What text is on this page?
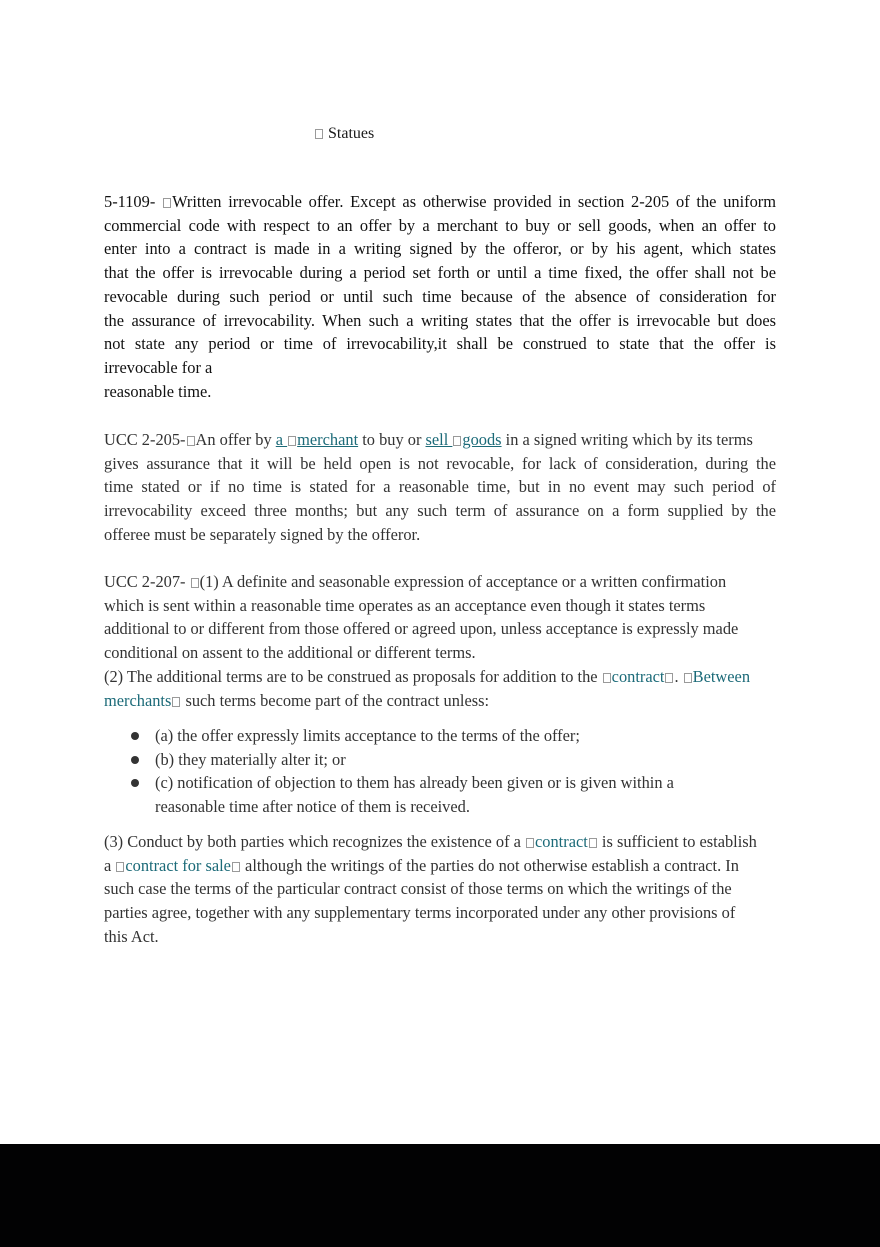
Statues
5-1109- Written irrevocable offer. Except as otherwise provided in section 2-205 of the uniform
commercial code with respect to an offer by a merchant to buy or sell goods, when an offer to
enter into a contract is made in a writing signed by the offeror, or by his agent, which states
that the offer is irrevocable during a period set forth or until a time fixed, the offer shall not be
revocable during such period or until such time because of the absence of consideration for
the assurance of irrevocability. When such a writing states that the offer is irrevocable but does
not state any period or time of irrevocability,it shall be construed to state that the offer is
irrevocable for a
reasonable time.
UCC 2-205- An offer by a merchant to buy or sell goods in a signed writing which by its terms
gives assurance that it will be held open is not revocable, for lack of consideration, during the
time stated or if no time is stated for a reasonable time, but in no event may such period of
irrevocability exceed three months; but any such term of assurance on a form supplied by the
offeree must be separately signed by the offeror.
UCC 2-207- (1) A definite and seasonable expression of acceptance or a written confirmation
which is sent within a reasonable time operates as an acceptance even though it states terms
additional to or different from those offered or agreed upon, unless acceptance is expressly made
conditional on assent to the additional or different terms.
(2) The additional terms are to be construed as proposals for addition to the contract . Between
merchants such terms become part of the contract unless:
(a) the offer expressly limits acceptance to the terms of the offer;
(b) they materially alter it; or
(c) notification of objection to them has already been given or is given within a
reasonable time after notice of them is received.
(3) Conduct by both parties which recognizes the existence of a contract is sufficient to establish
a contract for sale although the writings of the parties do not otherwise establish a contract. In
such case the terms of the particular contract consist of those terms on which the writings of the
parties agree, together with any supplementary terms incorporated under any other provisions of
this Act.
